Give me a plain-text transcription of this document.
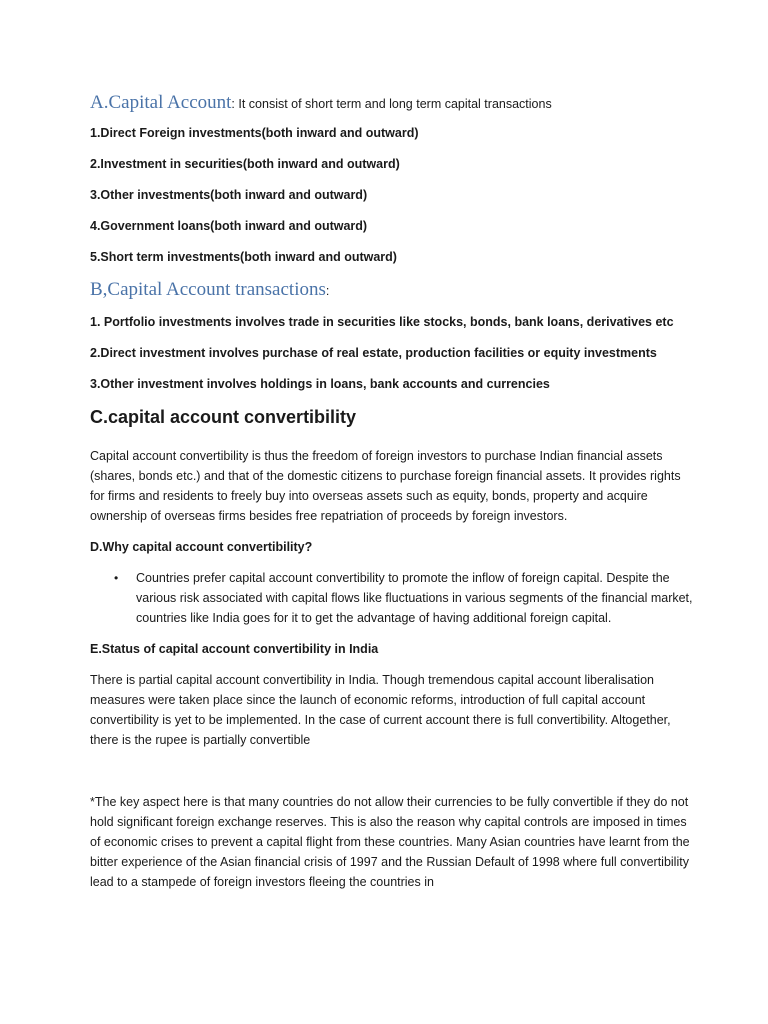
A.Capital Account: It consist of short term and long term capital transactions

1.Direct Foreign investments(both inward and outward)

2.Investment in securities(both inward and outward)

3.Other investments(both inward and outward)

4.Government loans(both inward and outward)

5.Short term investments(both inward and outward)

B,Capital Account transactions:

1. Portfolio investments involves trade in securities like stocks, bonds, bank loans, derivatives etc

2.Direct investment involves purchase of real estate, production facilities or equity investments

3.Other investment involves holdings in loans, bank accounts and currencies

C.capital account convertibility

Capital account convertibility is thus the freedom of foreign investors to purchase Indian financial assets (shares, bonds etc.) and that of the domestic citizens to purchase foreign financial assets. It provides rights for firms and residents to freely buy into overseas assets such as equity, bonds, property and acquire ownership of overseas firms besides free repatriation of proceeds by foreign investors.

D.Why capital account convertibility?

•	Countries prefer capital account convertibility to promote the inflow of foreign capital. Despite the various risk associated with capital flows like fluctuations in various segments of the financial market, countries like India goes for it to get the advantage of having additional foreign capital.

E.Status of capital account convertibility in India

There is partial capital account convertibility in India. Though tremendous capital account liberalisation measures were taken place since the launch of economic reforms, introduction of full capital account convertibility is yet to be implemented. In the case of current account there is full convertibility. Altogether, there is the rupee is partially convertible

*The key aspect here is that many countries do not allow their currencies to be fully convertible if they do not hold significant foreign exchange reserves. This is also the reason why capital controls are imposed in times of economic crises to prevent a capital flight from these countries. Many Asian countries have learnt from the bitter experience of the Asian financial crisis of 1997 and the Russian Default of 1998 where full convertibility lead to a stampede of foreign investors fleeing the countries in
